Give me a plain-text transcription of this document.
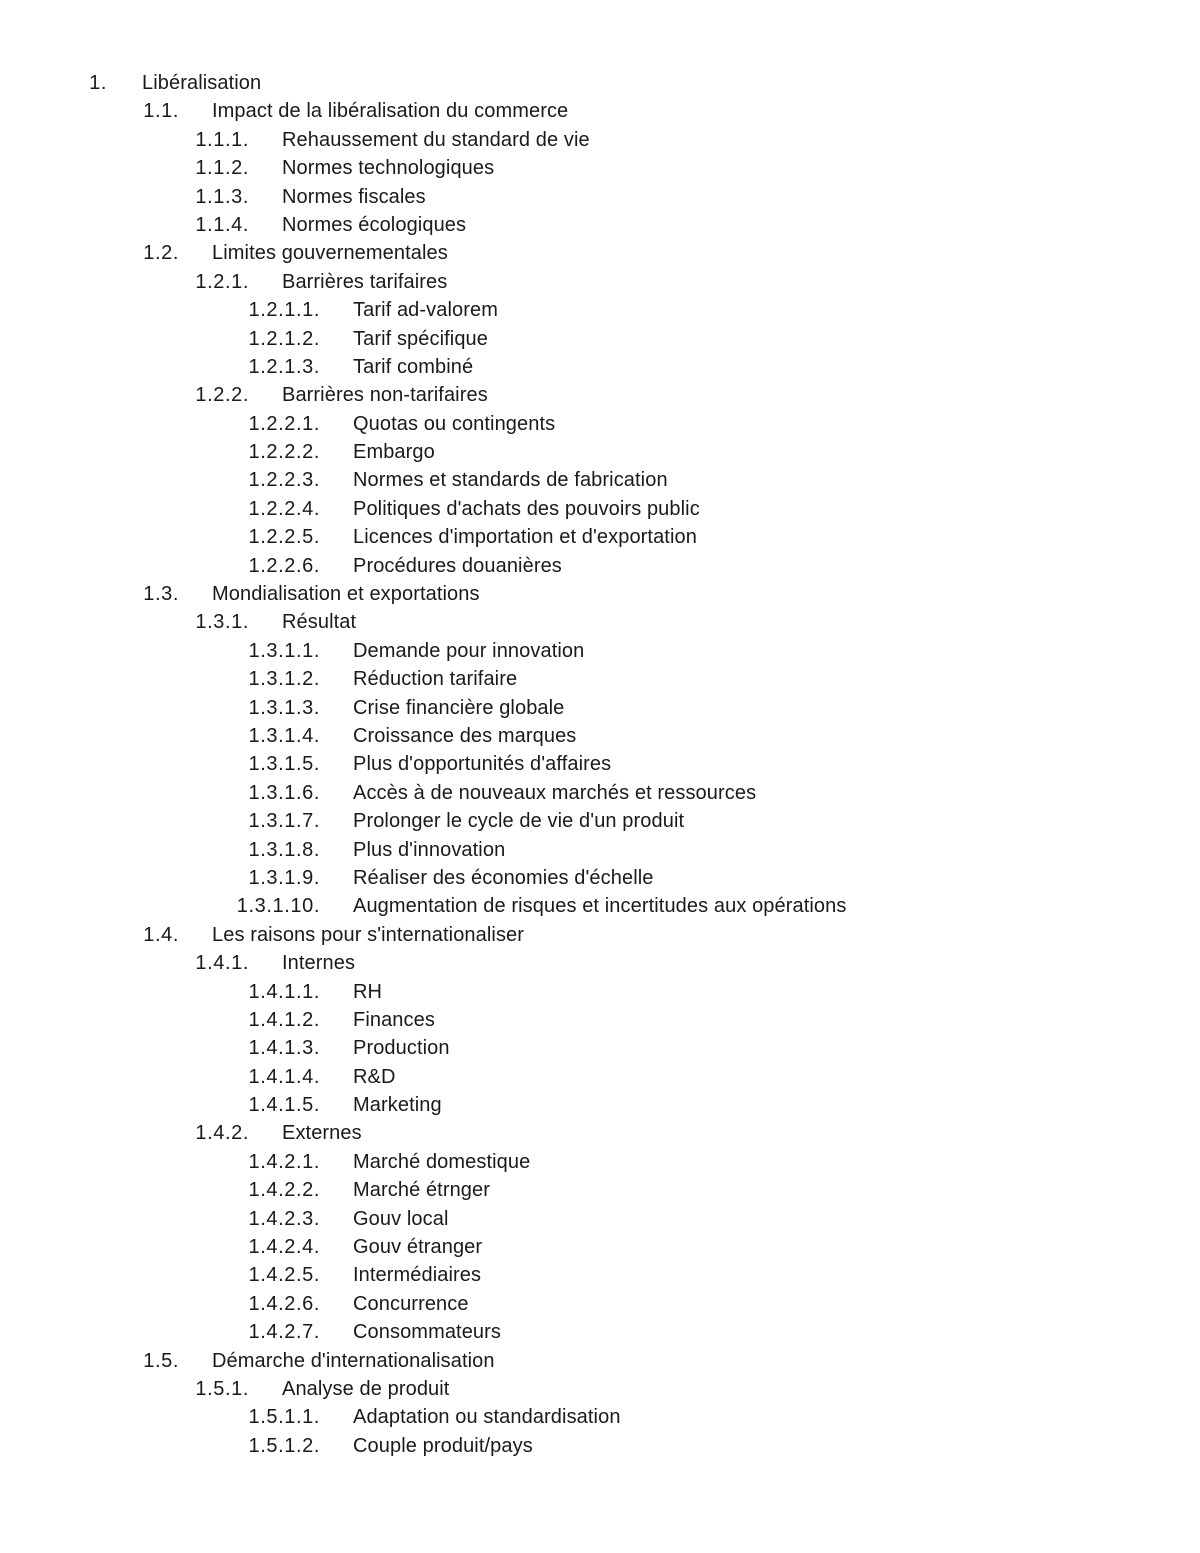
1. Libéralisation
1.1. Impact de la libéralisation du commerce
1.1.1. Rehaussement du standard de vie
1.1.2. Normes technologiques
1.1.3. Normes fiscales
1.1.4. Normes écologiques
1.2. Limites gouvernementales
1.2.1. Barrières tarifaires
1.2.1.1. Tarif ad-valorem
1.2.1.2. Tarif spécifique
1.2.1.3. Tarif combiné
1.2.2. Barrières non-tarifaires
1.2.2.1. Quotas ou contingents
1.2.2.2. Embargo
1.2.2.3. Normes et standards de fabrication
1.2.2.4. Politiques d'achats des pouvoirs public
1.2.2.5. Licences d'importation et d'exportation
1.2.2.6. Procédures douanières
1.3. Mondialisation et exportations
1.3.1. Résultat
1.3.1.1. Demande pour innovation
1.3.1.2. Réduction tarifaire
1.3.1.3. Crise financière globale
1.3.1.4. Croissance des marques
1.3.1.5. Plus d'opportunités d'affaires
1.3.1.6. Accès à de nouveaux marchés et ressources
1.3.1.7. Prolonger le cycle de vie d'un produit
1.3.1.8. Plus d'innovation
1.3.1.9. Réaliser des économies d'échelle
1.3.1.10. Augmentation de risques et incertitudes aux opérations
1.4. Les raisons pour s'internationaliser
1.4.1. Internes
1.4.1.1. RH
1.4.1.2. Finances
1.4.1.3. Production
1.4.1.4. R&D
1.4.1.5. Marketing
1.4.2. Externes
1.4.2.1. Marché domestique
1.4.2.2. Marché étrnger
1.4.2.3. Gouv local
1.4.2.4. Gouv étranger
1.4.2.5. Intermédiaires
1.4.2.6. Concurrence
1.4.2.7. Consommateurs
1.5. Démarche d'internationalisation
1.5.1. Analyse de produit
1.5.1.1. Adaptation ou standardisation
1.5.1.2. Couple produit/pays
